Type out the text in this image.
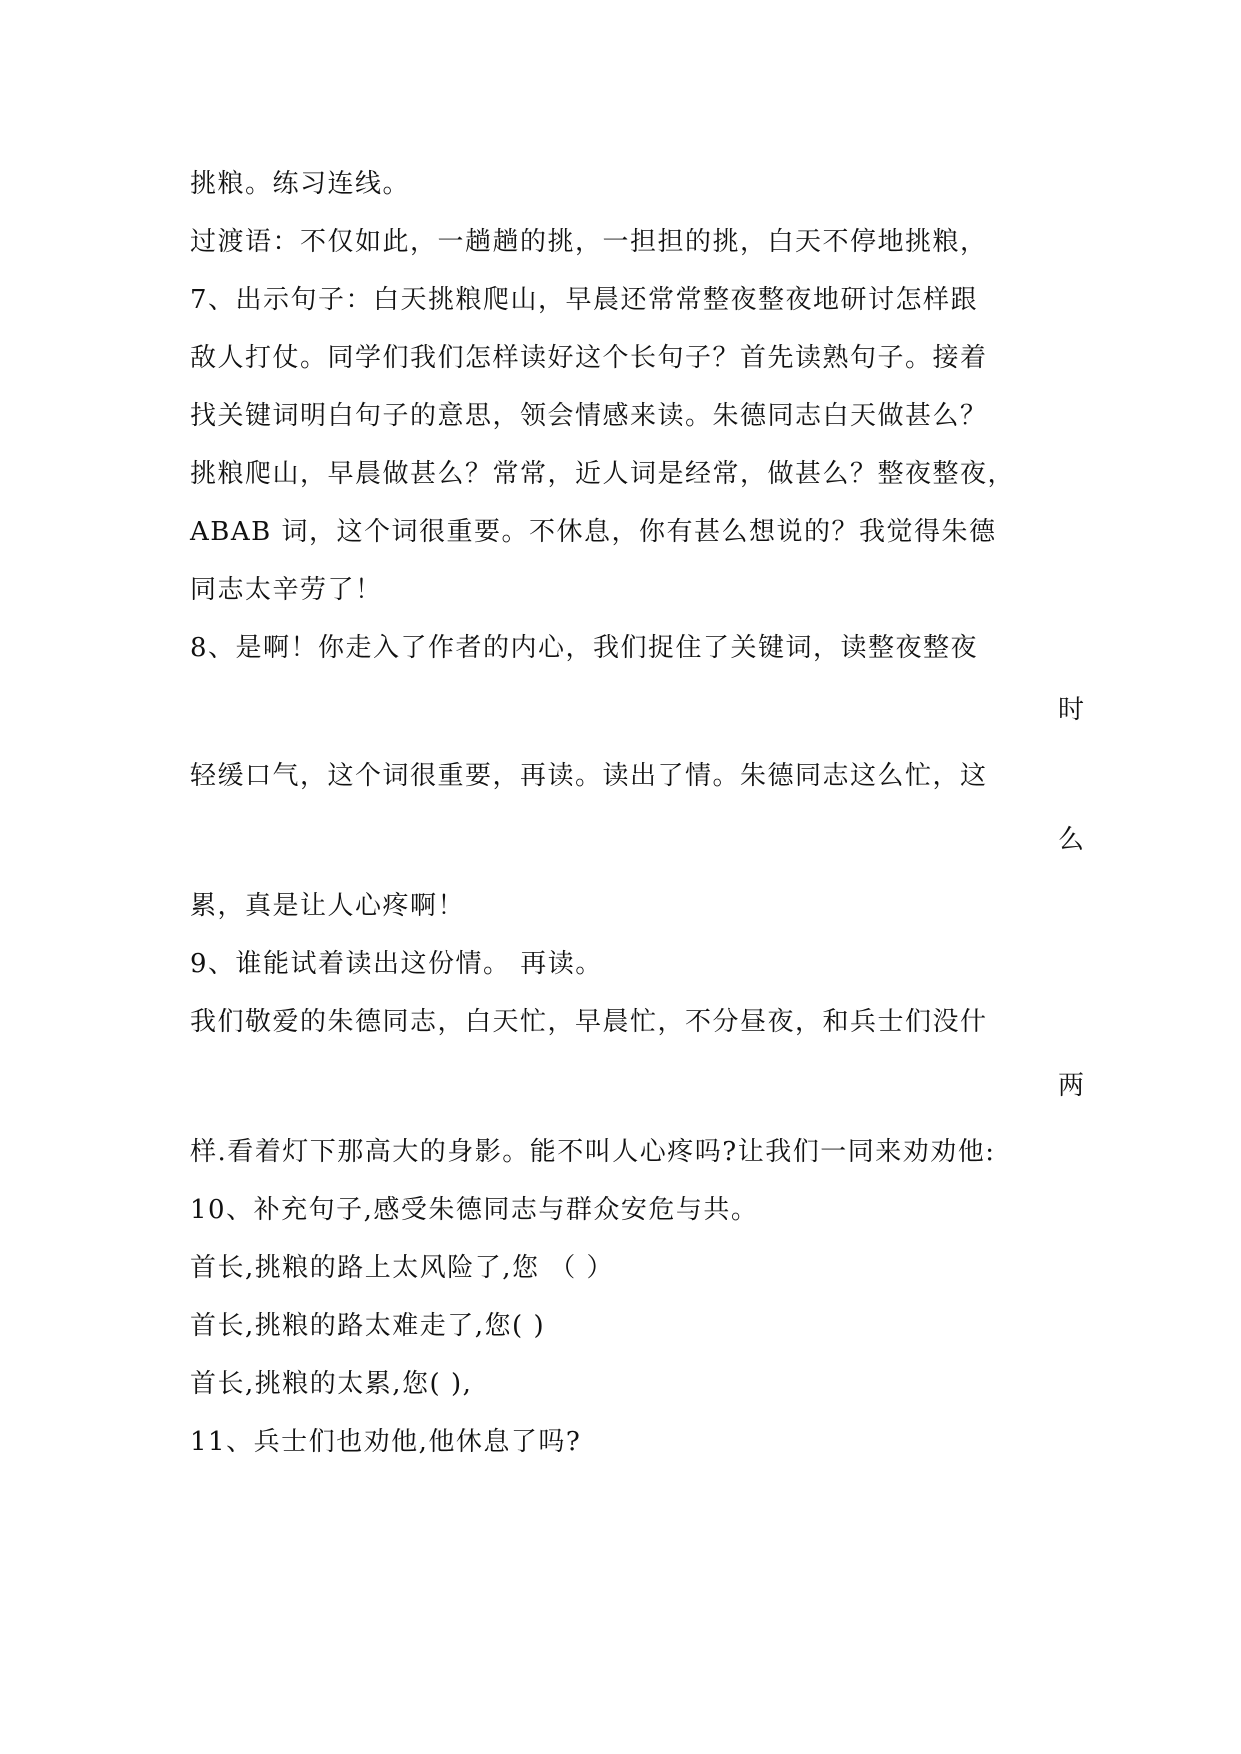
挑粮。练习连线。
过渡语：不仅如此，一趟趟的挑，一担担的挑，白天不停地挑粮，
7、出示句子：白天挑粮爬山，早晨还常常整夜整夜地研讨怎样跟
敌人打仗。同学们我们怎样读好这个长句子？首先读熟句子。接着
找关键词明白句子的意思，领会情感来读。朱德同志白天做甚么？
挑粮爬山，早晨做甚么？常常，近人词是经常，做甚么？整夜整夜，
ABAB 词，这个词很重要。不休息，你有甚么想说的？我觉得朱德
同志太辛劳了！
8、是啊！你走入了作者的内心，我们捉住了关键词，读整夜整夜
时
轻缓口气，这个词很重要，再读。读出了情。朱德同志这么忙，这
么
累，真是让人心疼啊！
9、谁能试着读出这份情。 再读。
我们敬爱的朱德同志，白天忙，早晨忙，不分昼夜，和兵士们没什
两
样.看着灯下那高大的身影。能不叫人心疼吗?让我们一同来劝劝他:
10、补充句子,感受朱德同志与群众安危与共。
首长,挑粮的路上太风险了,您 （ ）
首长,挑粮的路太难走了,您( )
首长,挑粮的太累,您( ),
11、兵士们也劝他,他休息了吗?
